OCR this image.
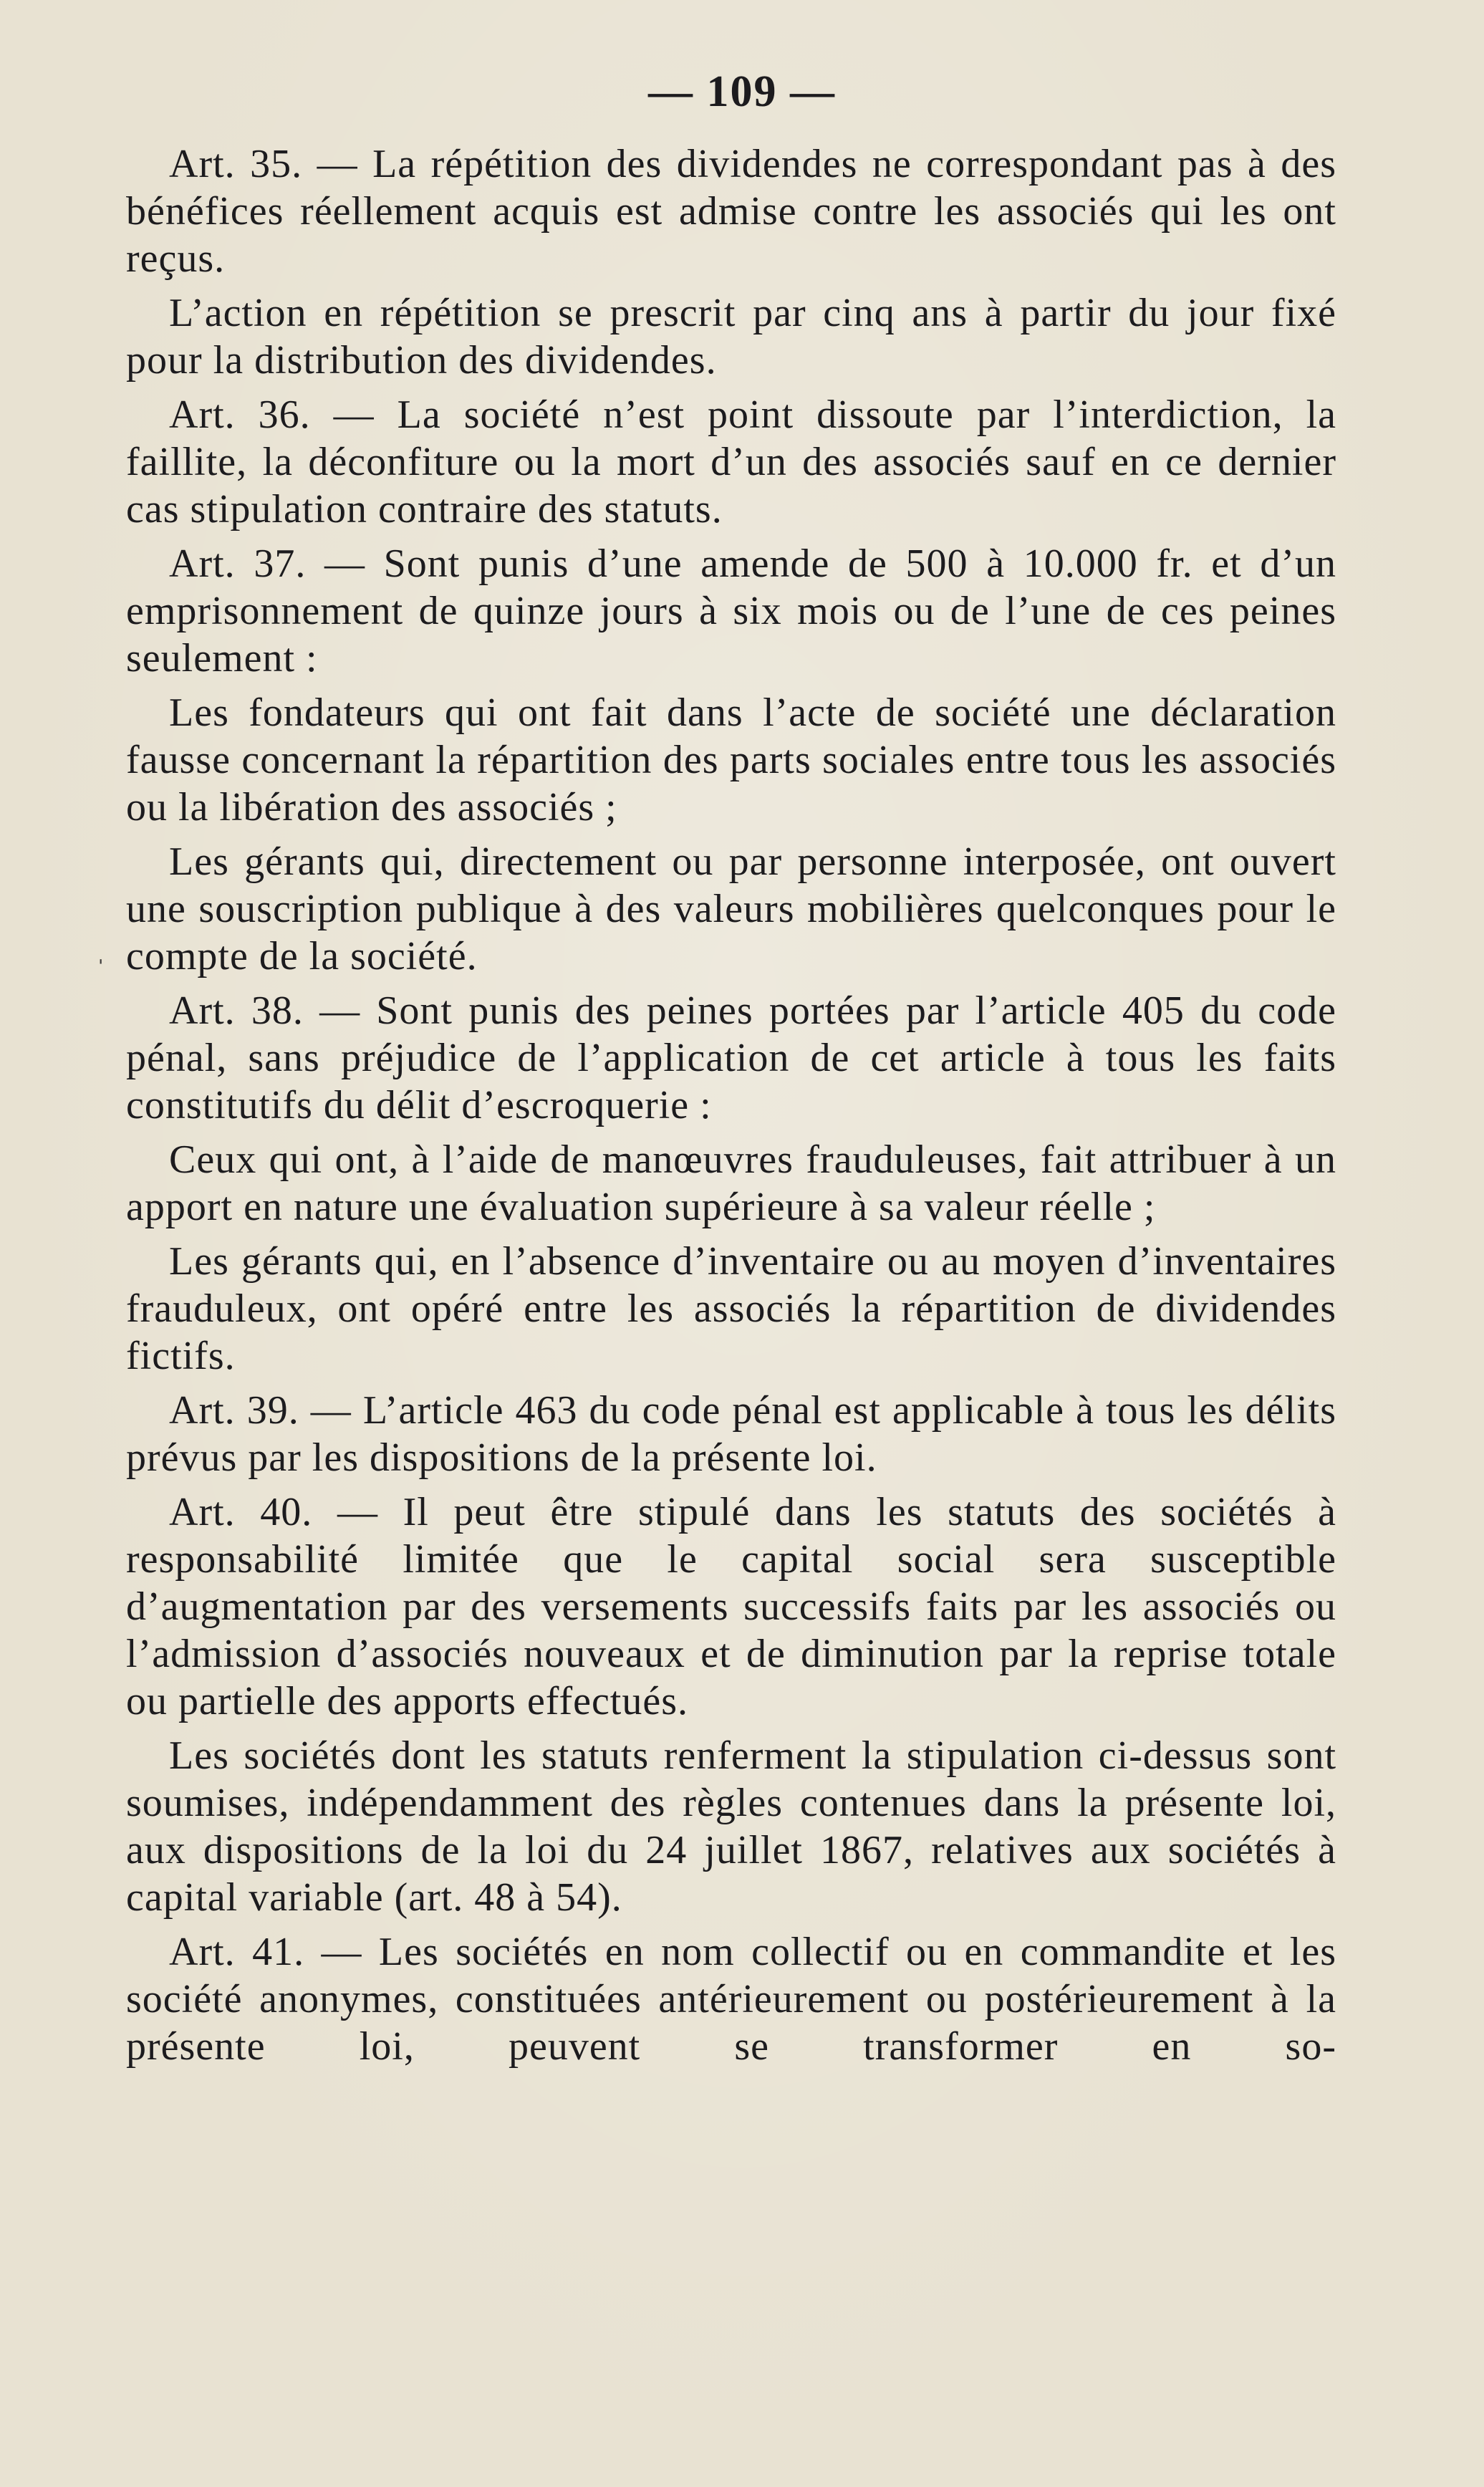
— 109 —
ˈ

Art. 35. — La répétition des dividendes ne correspondant pas à des bénéfices réellement acquis est admise contre les associés qui les ont reçus.

L’action en répétition se prescrit par cinq ans à partir du jour fixé pour la distribution des dividendes.

Art. 36. — La société n’est point dissoute par l’interdiction, la faillite, la déconfiture ou la mort d’un des associés sauf en ce dernier cas stipulation contraire des statuts.

Art. 37. — Sont punis d’une amende de 500 à 10.000 fr. et d’un emprisonnement de quinze jours à six mois ou de l’une de ces peines seulement :

Les fondateurs qui ont fait dans l’acte de société une déclaration fausse concernant la répartition des parts sociales entre tous les associés ou la libération des associés ;

Les gérants qui, directement ou par personne interposée, ont ouvert une souscription publique à des valeurs mobilières quelconques pour le compte de la société.

Art. 38. — Sont punis des peines portées par l’article 405 du code pénal, sans préjudice de l’application de cet article à tous les faits constitutifs du délit d’escroquerie :

Ceux qui ont, à l’aide de manœuvres frauduleuses, fait attribuer à un apport en nature une évaluation supérieure à sa valeur réelle ;

Les gérants qui, en l’absence d’inventaire ou au moyen d’inventaires frauduleux, ont opéré entre les associés la répartition de dividendes fictifs.

Art. 39. — L’article 463 du code pénal est applicable à tous les délits prévus par les dispositions de la présente loi.

Art. 40. — Il peut être stipulé dans les statuts des sociétés à responsabilité limitée que le capital social sera susceptible d’augmentation par des versements successifs faits par les associés ou l’admission d’associés nouveaux et de diminution par la reprise totale ou partielle des apports effectués.

Les sociétés dont les statuts renferment la stipulation ci-dessus sont soumises, indépendamment des règles contenues dans la présente loi, aux dispositions de la loi du 24 juillet 1867, relatives aux sociétés à capital variable (art. 48 à 54).

Art. 41. — Les sociétés en nom collectif ou en commandite et les société anonymes, constituées antérieurement ou postérieurement à la présente loi, peuvent se transformer en so-
